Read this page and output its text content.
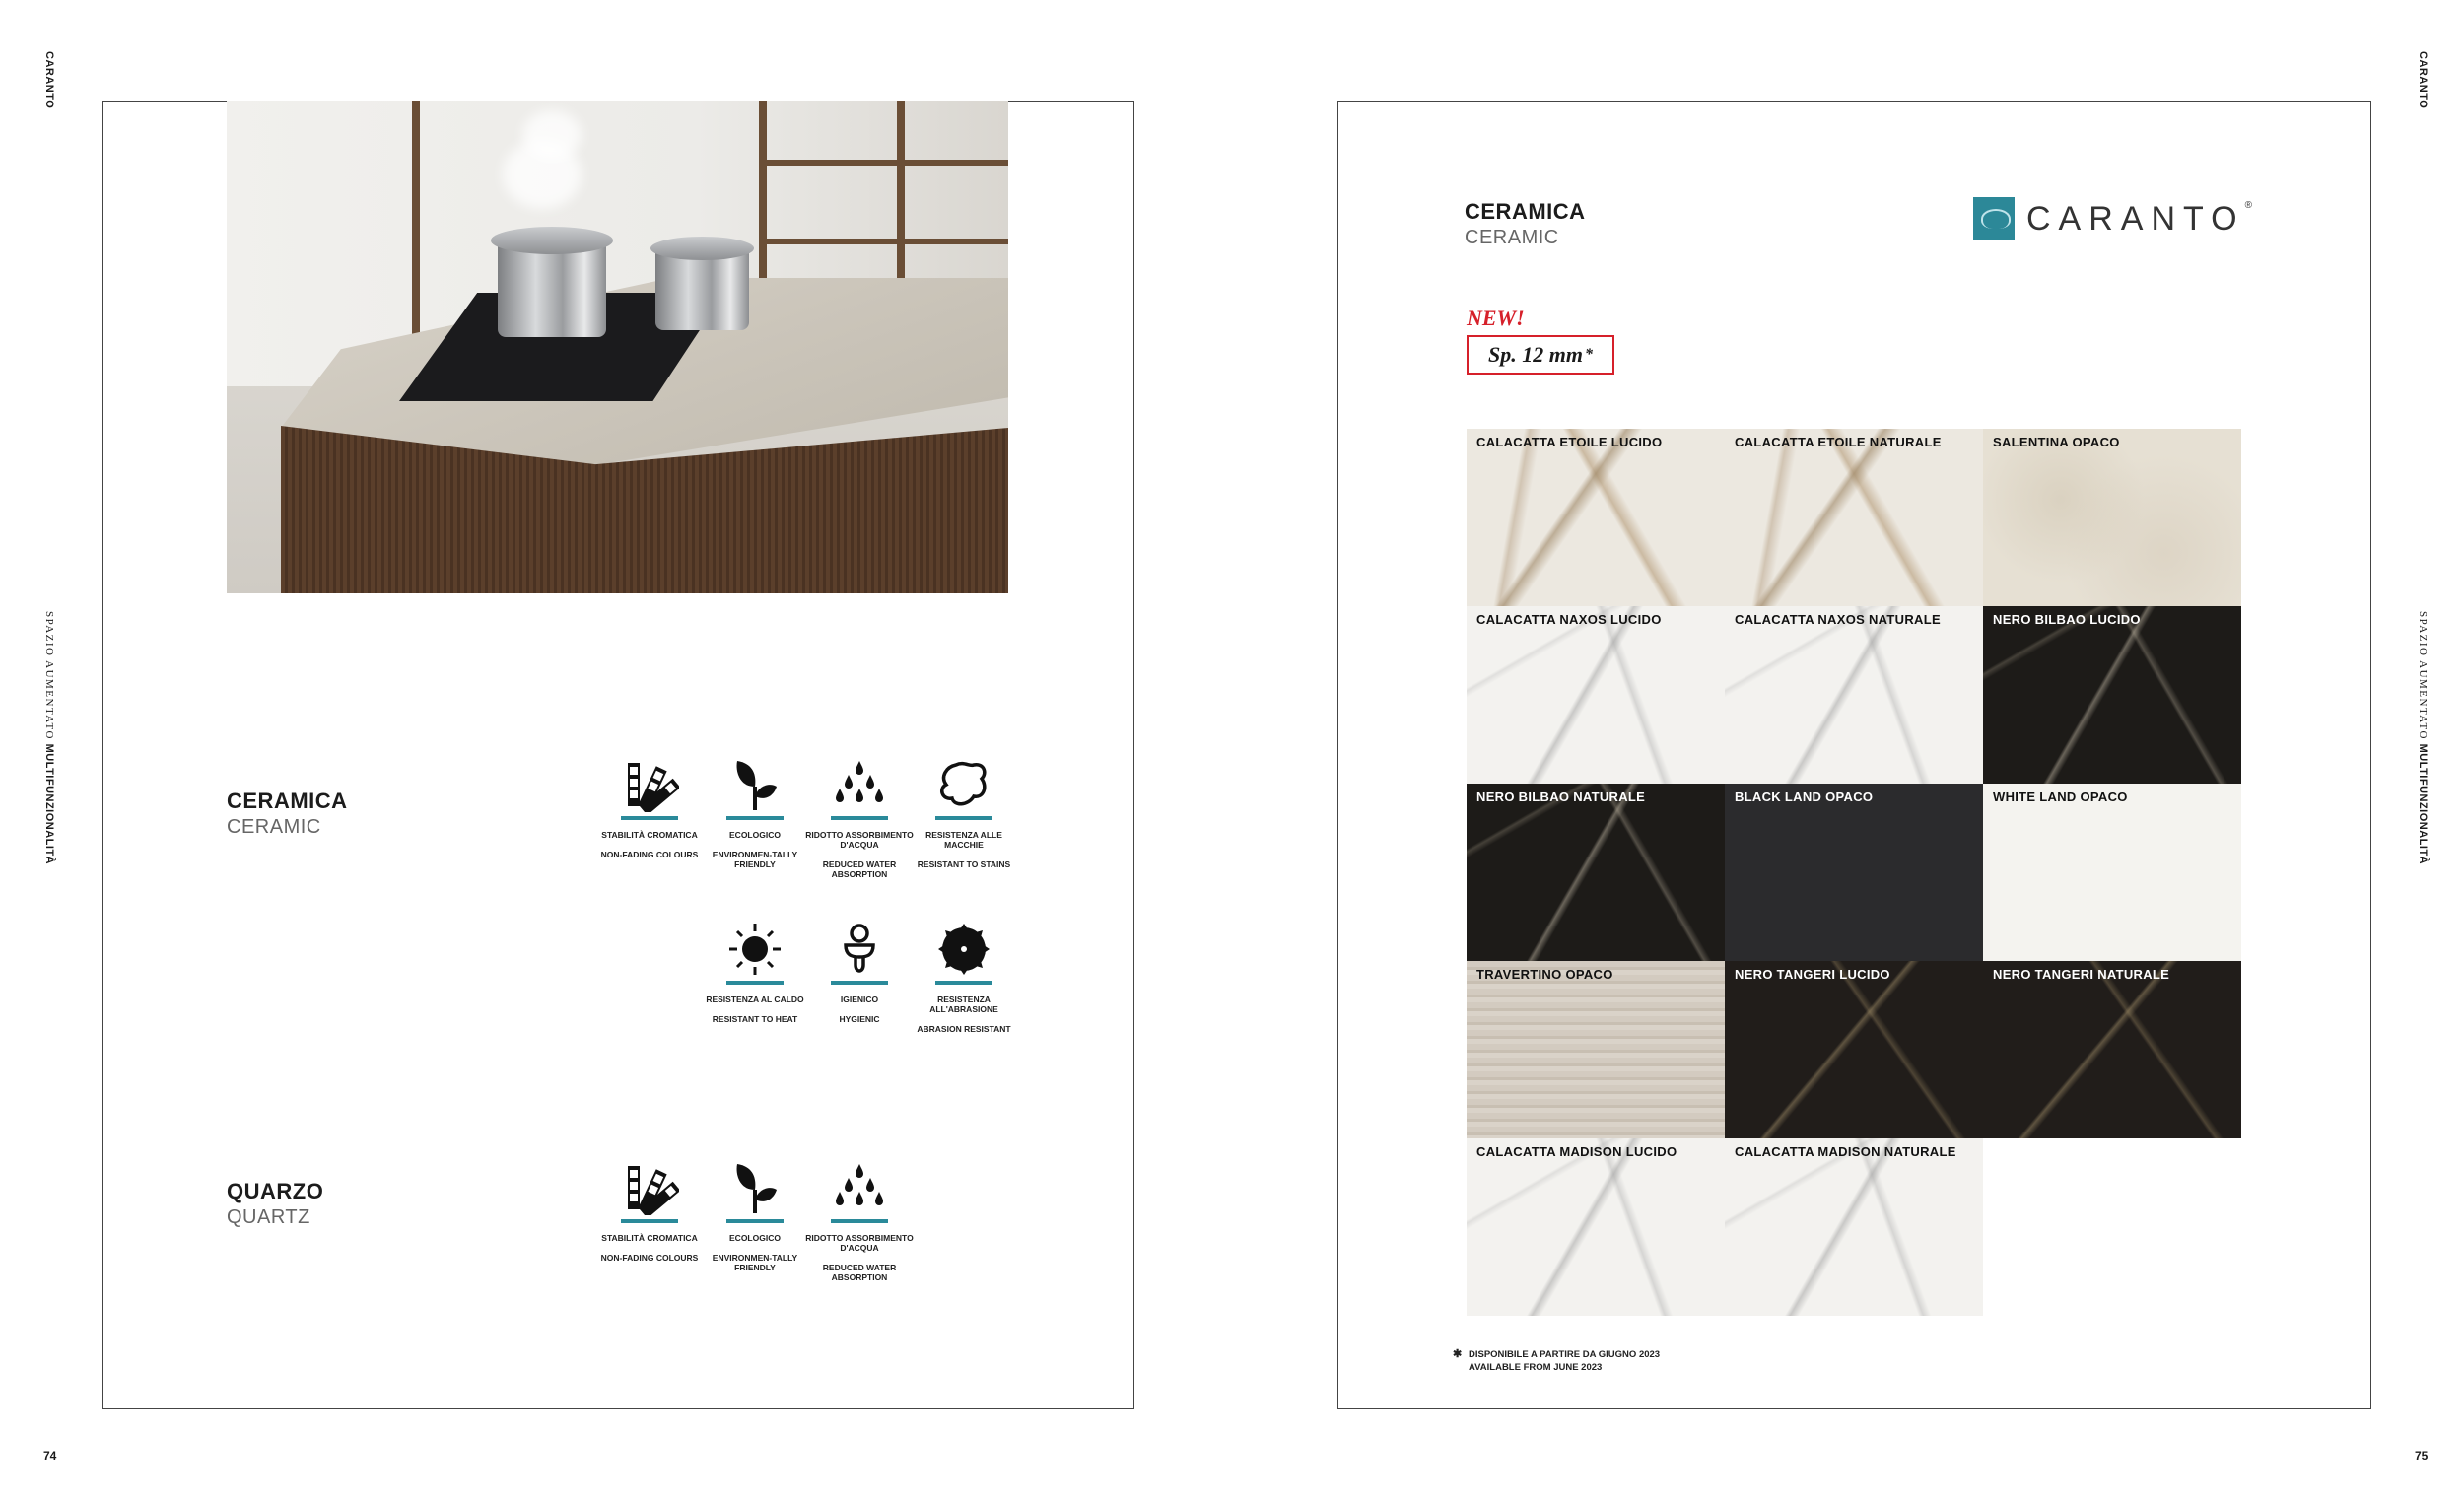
CARANTO
SPAZIO AUMENTATO MULTIFUNZIONALITÀ
74
CERAMICA
CERAMIC	STABILITÀ CROMATICA
NON-FADING COLOURS
ECOLOGICO
ENVIRONMEN-TALLY FRIENDLY
RIDOTTO ASSORBIMENTO D'ACQUA
REDUCED WATER ABSORPTION
RESISTENZA ALLE MACCHIE
RESISTANT TO STAINS
RESISTENZA AL CALDO
RESISTANT TO HEAT
IGIENICO
HYGIENIC
RESISTENZA ALL'ABRASIONE
ABRASION RESISTANT
QUARZO
QUARTZ
STABILITÀ CROMATICA
NON-FADING COLOURS
ECOLOGICO
ENVIRONMEN-TALLY FRIENDLY
RIDOTTO ASSORBIMENTO D'ACQUA
REDUCED WATER ABSORPTION
CERAMICA
CERAMIC
CARANTO®
NEW!
Sp. 12 mm *
CALACATTA ETOILE LUCIDO	CALACATTA ETOILE NATURALE	SALENTINA OPACO
CALACATTA NAXOS LUCIDO	CALACATTA NAXOS NATURALE	NERO BILBAO LUCIDO
NERO BILBAO NATURALE	BLACK LAND OPACO	WHITE LAND OPACO
TRAVERTINO OPACO	NERO TANGERI LUCIDO	NERO TANGERI NATURALE
CALACATTA MADISON LUCIDO	CALACATTA MADISON NATURALE
✱ DISPONIBILE A PARTIRE DA GIUGNO 2023
AVAILABLE FROM JUNE 2023
CARANTO
SPAZIO AUMENTATO MULTIFUNZIONALITÀ
75
